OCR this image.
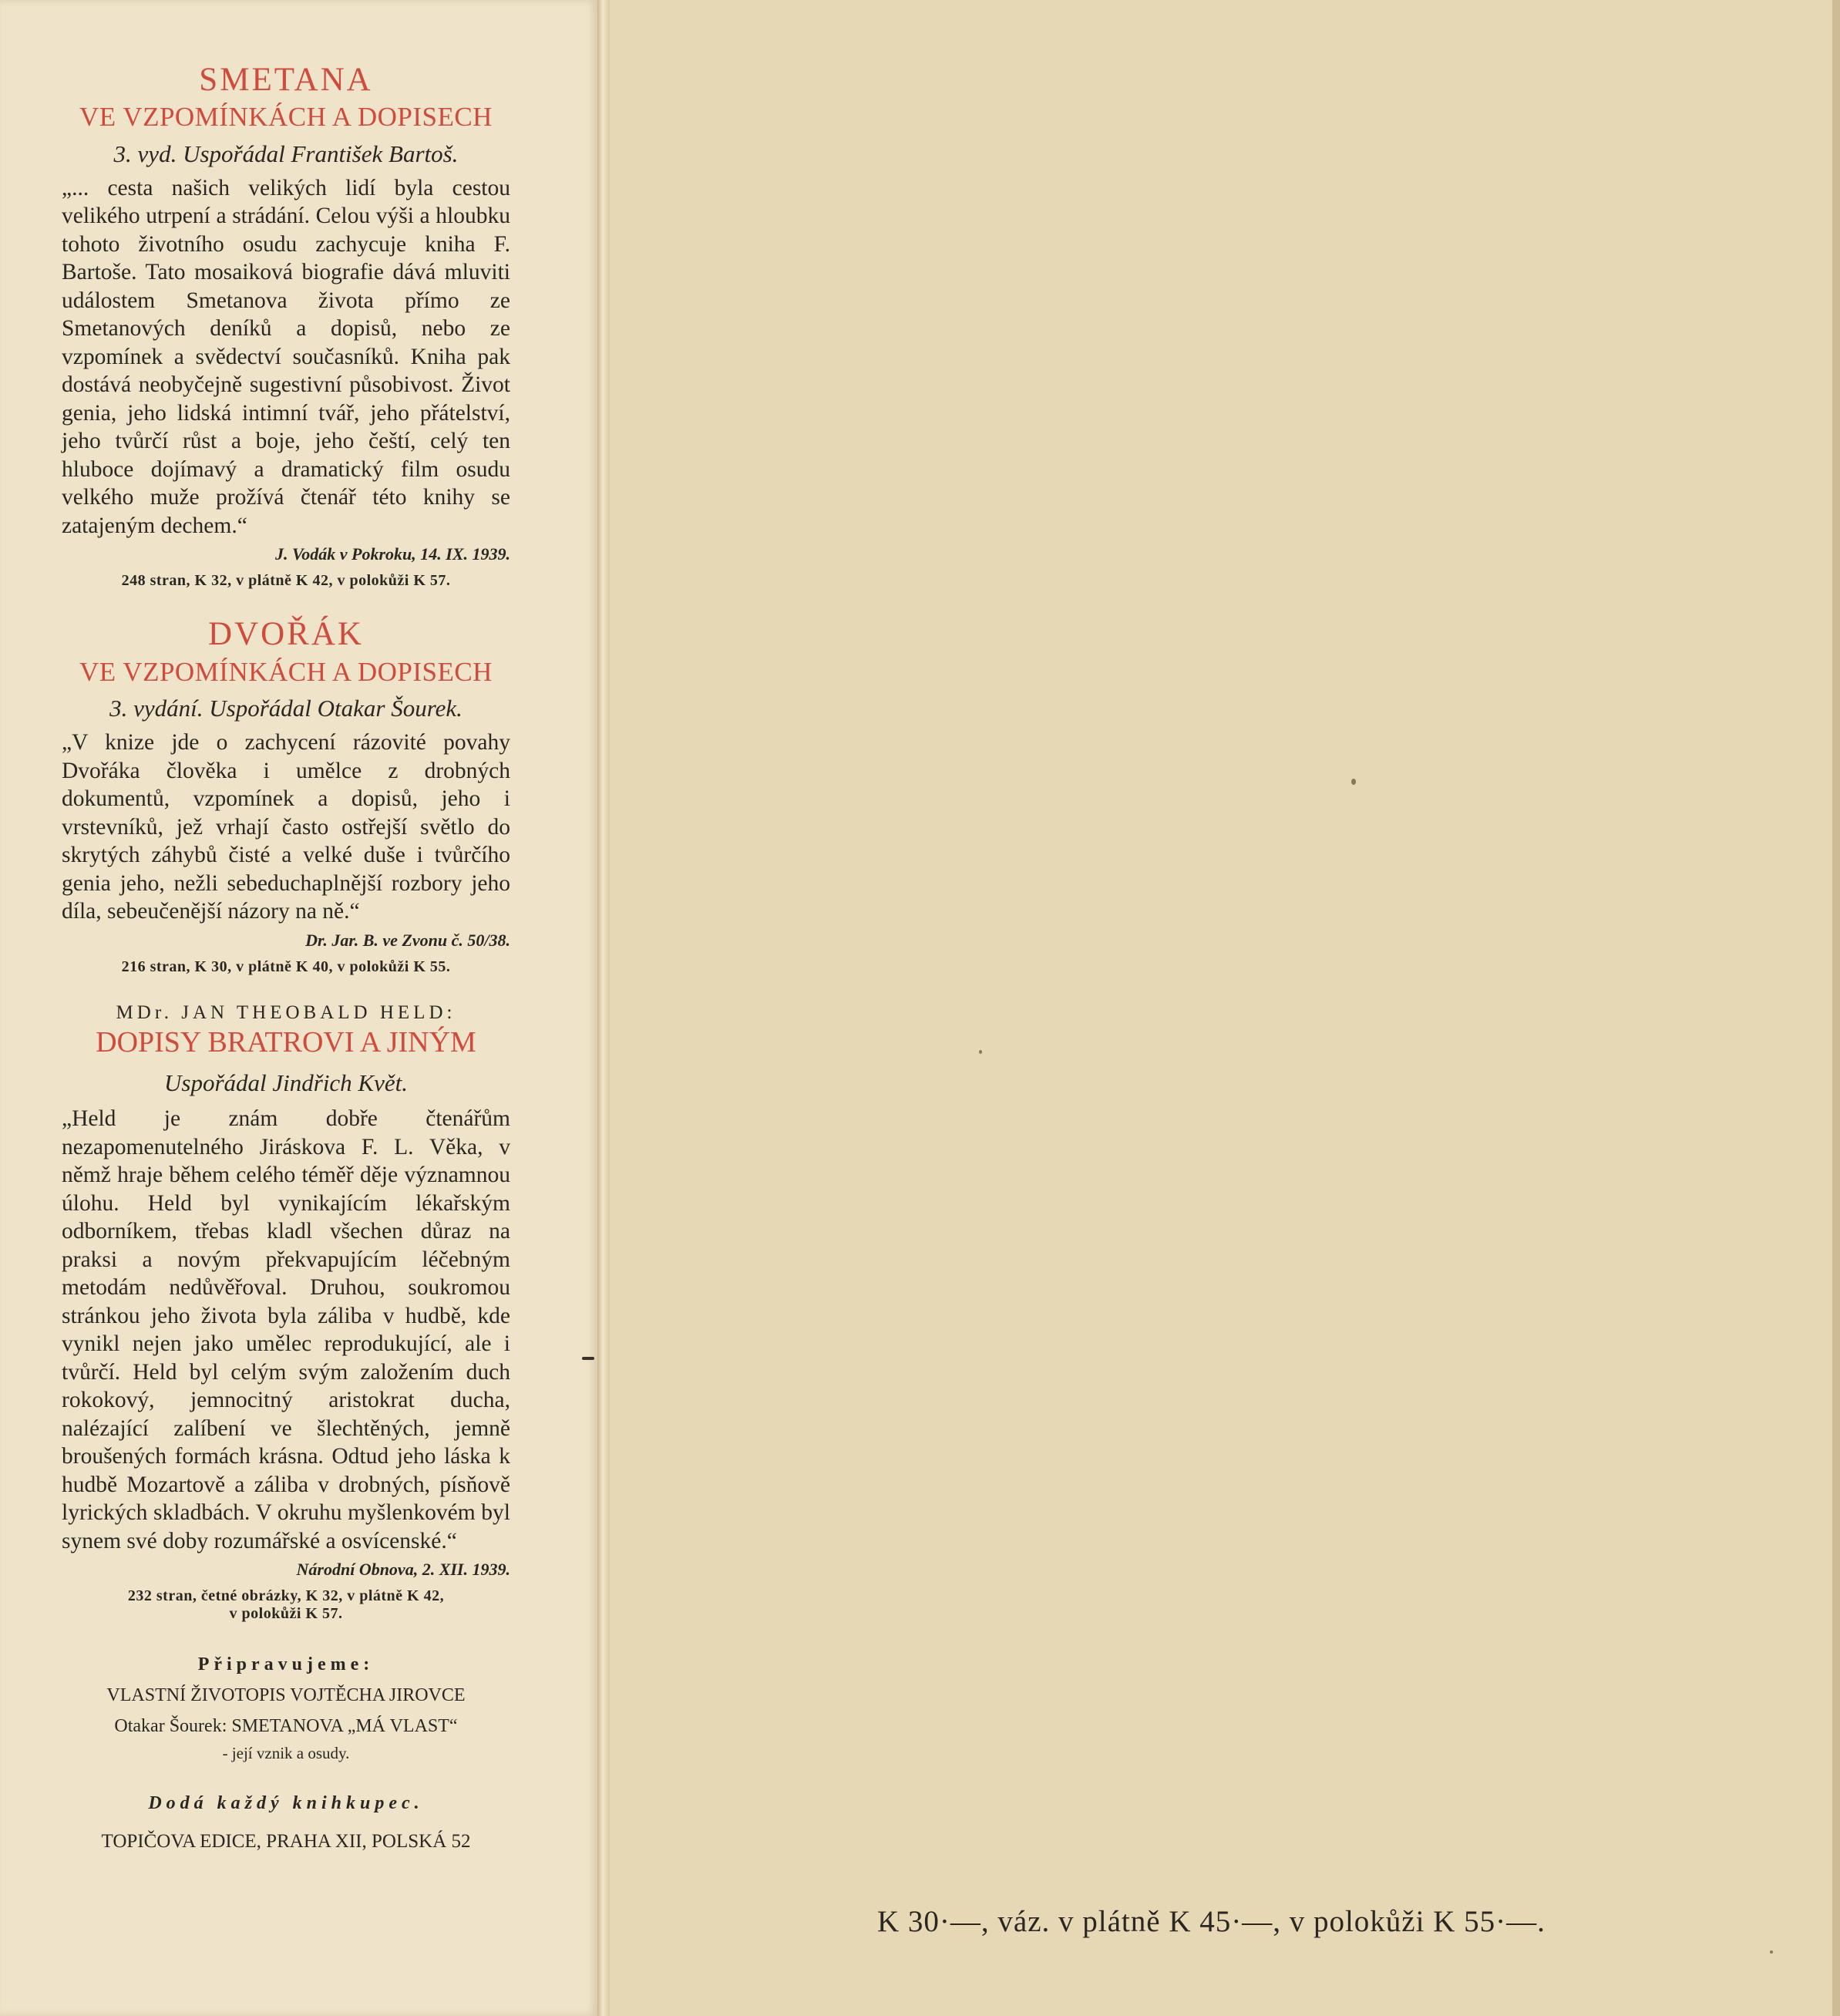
SMETANA

VE VZPOMÍNKÁCH A DOPISECH

3. vyd. Uspořádal František Bartoš.

„... cesta našich velikých lidí byla cestou velikého utrpení a strádání. Celou výši a hloubku tohoto životního osudu zachycuje kniha F. Bartoše. Tato mosaiková biografie dává mluviti událostem Smetanova života přímo ze Smetanových deníků a dopisů, nebo ze vzpomínek a svědectví současníků. Kniha pak dostává neobyčejně sugestivní působivost. Život genia, jeho lidská intimní tvář, jeho přátelství, jeho tvůrčí růst a boje, jeho čeští, celý ten hluboce dojímavý a dramatický film osudu velkého muže prožívá čtenář této knihy se zatajeným dechem.“

J. Vodák v Pokroku, 14. IX. 1939.

248 stran, K 32, v plátně K 42, v polokůži K 57.

DVOŘÁK

VE VZPOMÍNKÁCH A DOPISECH

3. vydání. Uspořádal Otakar Šourek.

„V knize jde o zachycení rázovité povahy Dvořáka člověka i umělce z drobných dokumentů, vzpomínek a dopisů, jeho i vrstevníků, jež vrhají často ostřejší světlo do skrytých záhybů čisté a velké duše i tvůrčího genia jeho, nežli sebeduchaplnější rozbory jeho díla, sebeučenější názory na ně.“

Dr. Jar. B. ve Zvonu č. 50/38.

216 stran, K 30, v plátně K 40, v polokůži K 55.

MDr. JAN THEOBALD HELD:

DOPISY BRATROVI A JINÝM

Uspořádal Jindřich Květ.

„Held je znám dobře čtenářům nezapomenutelného Jiráskova F. L. Věka, v němž hraje během celého téměř děje významnou úlohu. Held byl vynikajícím lékařským odborníkem, třebas kladl všechen důraz na praksi a novým překvapujícím léčebným metodám nedůvěřoval. Druhou, soukromou stránkou jeho života byla záliba v hudbě, kde vynikl nejen jako umělec reprodukující, ale i tvůrčí. Held byl celým svým založením duch rokokový, jemnocitný aristokrat ducha, nalézající zalíbení ve šlechtěných, jemně broušených formách krásna. Odtud jeho láska k hudbě Mozartově a záliba v drobných, písňově lyrických skladbách. V okruhu myšlenkovém byl synem své doby rozumářské a osvícenské.“

Národní Obnova, 2. XII. 1939.

232 stran, četné obrázky, K 32, v plátně K 42,

v polokůži K 57.

Připravujeme:

VLASTNÍ ŽIVOTOPIS VOJTĚCHA JIROVCE

Otakar Šourek: SMETANOVA „MÁ VLAST“

- její vznik a osudy.

Dodá každý knihkupec.

TOPIČOVA EDICE, PRAHA XII, POLSKÁ 52

K 30·—, váz. v plátně K 45·—, v polokůži K 55·—.
